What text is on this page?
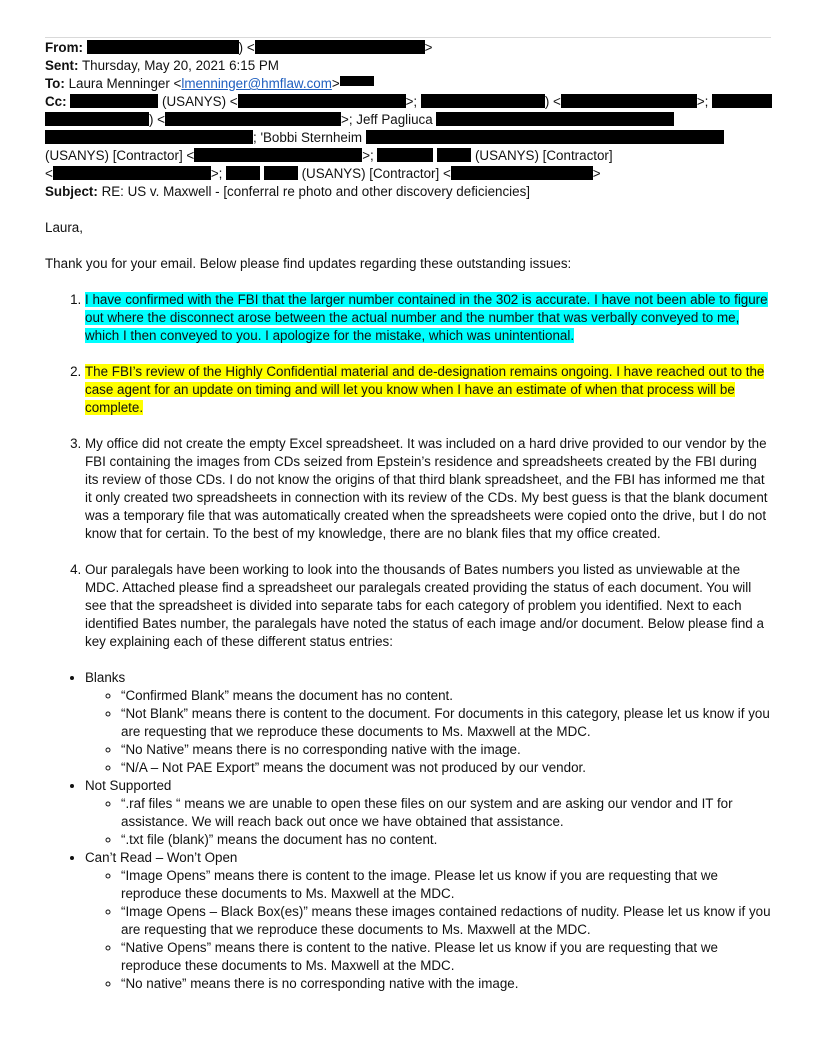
From:	) <	>
Sent: Thursday, May 20, 2021 6:15 PM
To: Laura Menninger <lmenninger@hmflaw.com>
Cc:	(USANYS) <	>;	) <	>;
) <	>; Jeff Pagliuca
; 'Bobbi Sternheim
(USANYS) [Contractor] <	>;	(USANYS) [Contractor]
<	>;	(USANYS) [Contractor] <	>
Subject: RE: US v. Maxwell - [conferral re photo and other discovery deficiencies]

Laura,

Thank you for your email. Below please find updates regarding these outstanding issues:

1. I have confirmed with the FBI that the larger number contained in the 302 is accurate. I have not been able to figure out where the disconnect arose between the actual number and the number that was verbally conveyed to me, which I then conveyed to you. I apologize for the mistake, which was unintentional.
2. The FBI’s review of the Highly Confidential material and de-designation remains ongoing. I have reached out to the case agent for an update on timing and will let you know when I have an estimate of when that process will be complete.
3. My office did not create the empty Excel spreadsheet. It was included on a hard drive provided to our vendor by the FBI containing the images from CDs seized from Epstein’s residence and spreadsheets created by the FBI during its review of those CDs. I do not know the origins of that third blank spreadsheet, and the FBI has informed me that it only created two spreadsheets in connection with its review of the CDs. My best guess is that the blank document was a temporary file that was automatically created when the spreadsheets were copied onto the drive, but I do not know that for certain. To the best of my knowledge, there are no blank files that my office created.
4. Our paralegals have been working to look into the thousands of Bates numbers you listed as unviewable at the MDC. Attached please find a spreadsheet our paralegals created providing the status of each document. You will see that the spreadsheet is divided into separate tabs for each category of problem you identified. Next to each identified Bates number, the paralegals have noted the status of each image and/or document. Below please find a key explaining each of these different status entries:
• Blanks
◦ “Confirmed Blank” means the document has no content.
◦ “Not Blank” means there is content to the document. For documents in this category, please let us know if you are requesting that we reproduce these documents to Ms. Maxwell at the MDC.
◦ “No Native” means there is no corresponding native with the image.
◦ “N/A – Not PAE Export” means the document was not produced by our vendor.
• Not Supported
◦ “.raf files “ means we are unable to open these files on our system and are asking our vendor and IT for assistance. We will reach back out once we have obtained that assistance.
◦ “.txt file (blank)” means the document has no content.
• Can’t Read – Won’t Open
◦ “Image Opens” means there is content to the image. Please let us know if you are requesting that we reproduce these documents to Ms. Maxwell at the MDC.
◦ “Image Opens – Black Box(es)” means these images contained redactions of nudity. Please let us know if you are requesting that we reproduce these documents to Ms. Maxwell at the MDC.
◦ “Native Opens” means there is content to the native. Please let us know if you are requesting that we reproduce these documents to Ms. Maxwell at the MDC.
◦ “No native” means there is no corresponding native with the image.
